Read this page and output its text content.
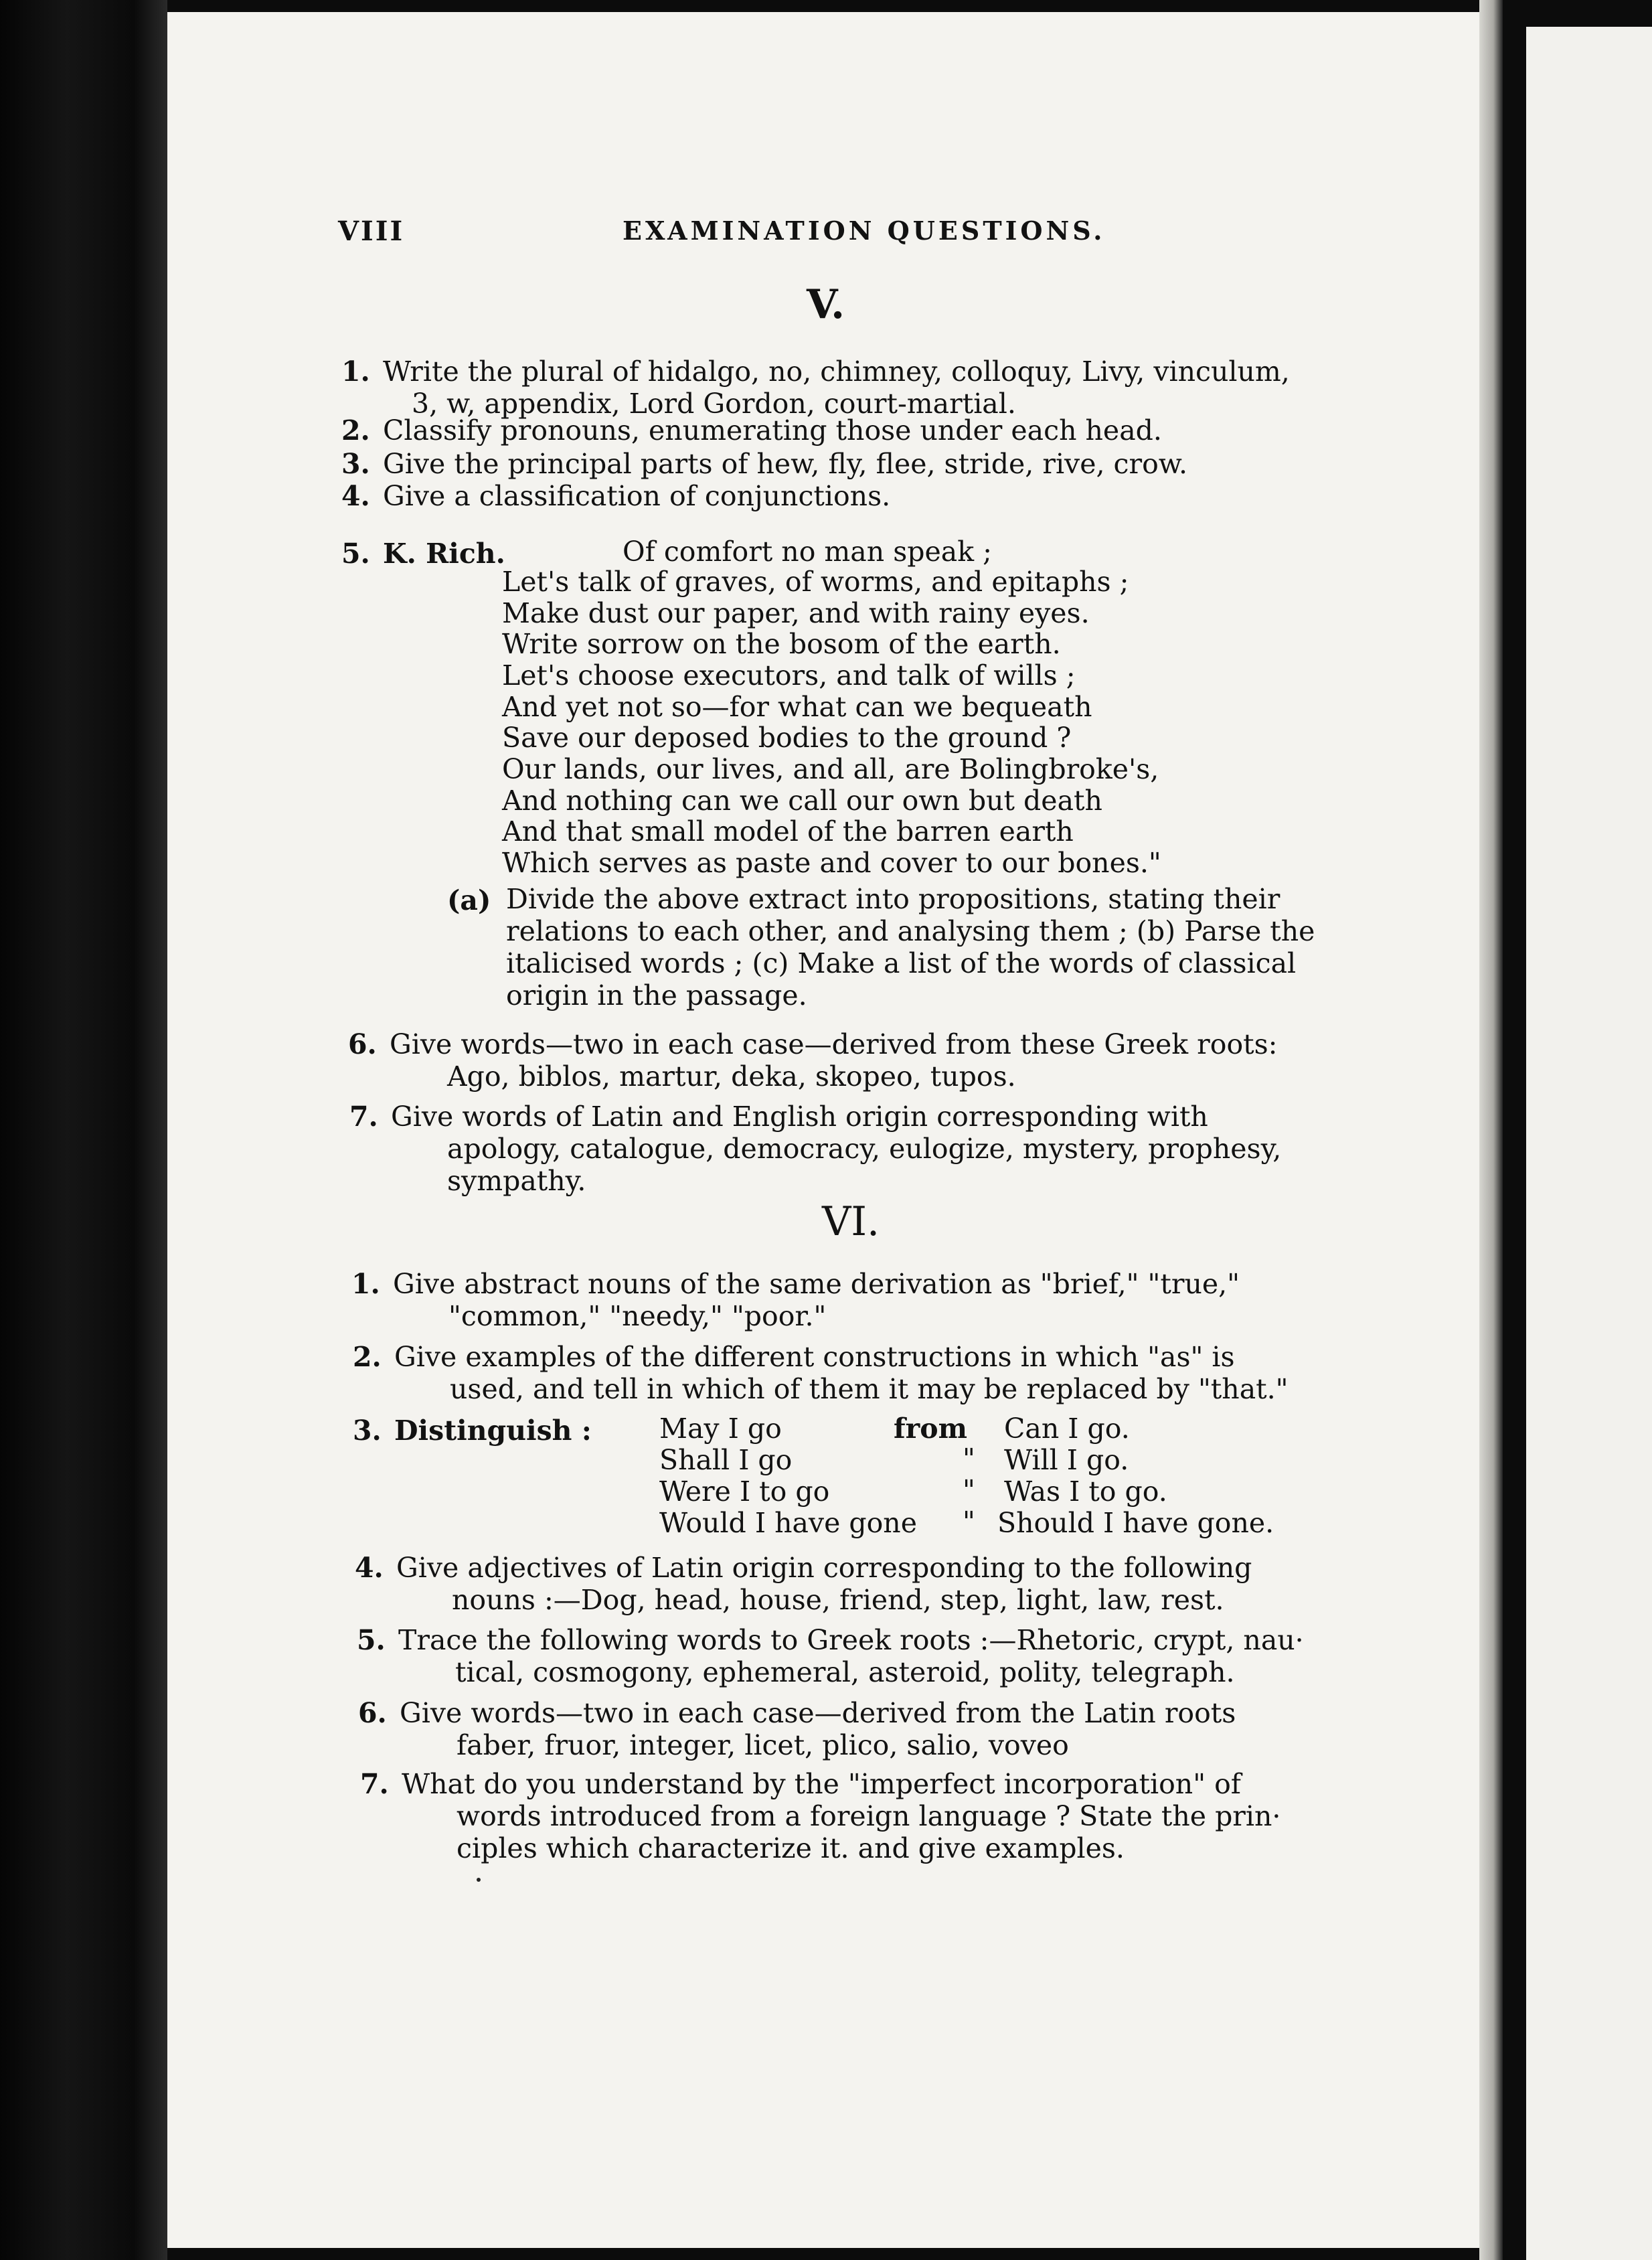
VIII	EXAMINATION QUESTIONS.
V.
1. Write the plural of hidalgo, no, chimney, colloquy, Livy, vinculum,
3, w, appendix, Lord Gordon, court-martial.
2. Classify pronouns, enumerating those under each head.
3. Give the principal parts of hew, fly, flee, stride, rive, crow.
4. Give a classification of conjunctions.
5. K. Rich.	Of comfort no man speak ;
Let's talk of graves, of worms, and epitaphs ;
Make dust our paper, and with rainy eyes.
Write sorrow on the bosom of the earth.
Let's choose executors, and talk of wills ;
And yet not so—for what can we bequeath
Save our deposed bodies to the ground ?
Our lands, our lives, and all, are Bolingbroke's,
And nothing can we call our own but death
And that small model of the barren earth
Which serves as paste and cover to our bones."
(a) Divide the above extract into propositions, stating their
relations to each other, and analysing them ; (b) Parse the
italicised words ; (c) Make a list of the words of classical
origin in the passage.
6. Give words—two in each case—derived from these Greek roots:
Ago, biblos, martur, deka, skopeo, tupos.
7. Give words of Latin and English origin corresponding with
apology, catalogue, democracy, eulogize, mystery, prophesy,
sympathy.
VI.
1. Give abstract nouns of the same derivation as "brief," "true,"
"common," "needy," "poor."
2. Give examples of the different constructions in which "as" is
used, and tell in which of them it may be replaced by "that."
3. Distinguish : May I go
Shall I go
Were I to go
Would I have gone
from
"
"
"
Can I go.
Will I go.
Was I to go.
Should I have gone.
4. Give adjectives of Latin origin corresponding to the following
nouns :—Dog, head, house, friend, step, light, law, rest.
5. Trace the following words to Greek roots :—Rhetoric, crypt, nau·
tical, cosmogony, ephemeral, asteroid, polity, telegraph.
6. Give words—two in each case—derived from the Latin roots
faber, fruor, integer, licet, plico, salio, voveo
7. What do you understand by the "imperfect incorporation" of
words introduced from a foreign language ? State the prin·
ciples which characterize it. and give examples.
